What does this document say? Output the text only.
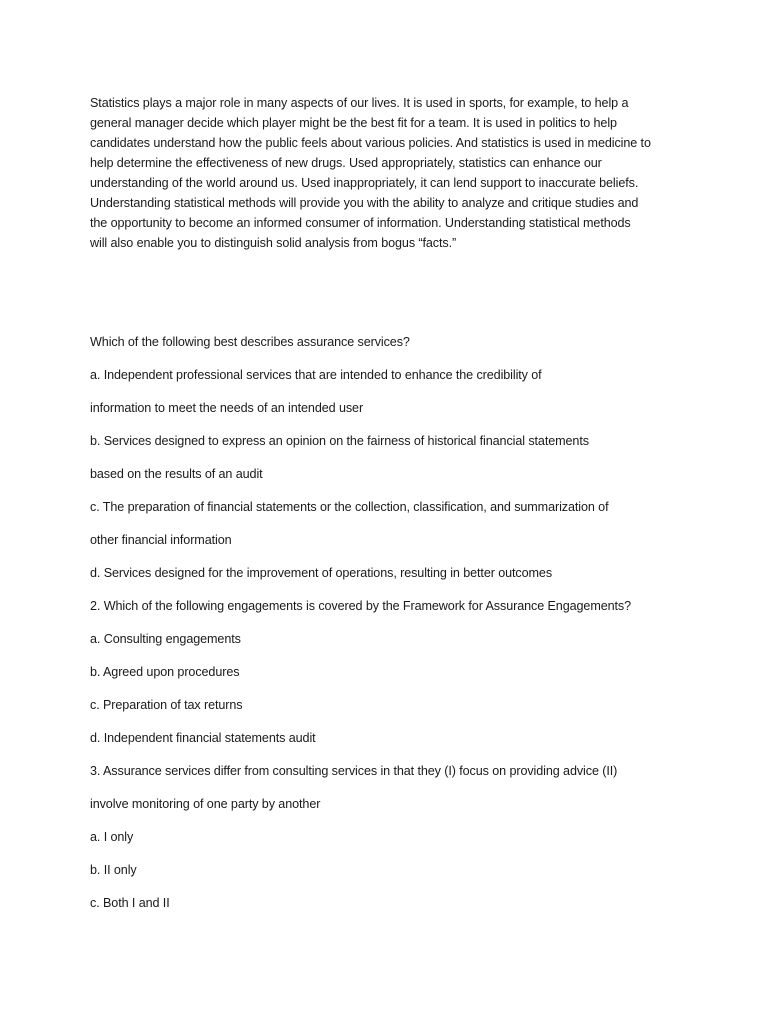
Statistics plays a major role in many aspects of our lives. It is used in sports, for example, to help a
general manager decide which player might be the best fit for a team. It is used in politics to help
candidates understand how the public feels about various policies. And statistics is used in medicine to
help determine the effectiveness of new drugs. Used appropriately, statistics can enhance our
understanding of the world around us. Used inappropriately, it can lend support to inaccurate beliefs.
Understanding statistical methods will provide you with the ability to analyze and critique studies and
the opportunity to become an informed consumer of information. Understanding statistical methods
will also enable you to distinguish solid analysis from bogus “facts.”

Which of the following best describes assurance services?
a. Independent professional services that are intended to enhance the credibility of
information to meet the needs of an intended user
b. Services designed to express an opinion on the fairness of historical financial statements
based on the results of an audit
c. The preparation of financial statements or the collection, classification, and summarization of
other financial information
d. Services designed for the improvement of operations, resulting in better outcomes
2. Which of the following engagements is covered by the Framework for Assurance Engagements?
a. Consulting engagements
b. Agreed upon procedures
c. Preparation of tax returns
d. Independent financial statements audit
3. Assurance services differ from consulting services in that they (I) focus on providing advice (II)
involve monitoring of one party by another
a. I only
b. II only
c. Both I and II
